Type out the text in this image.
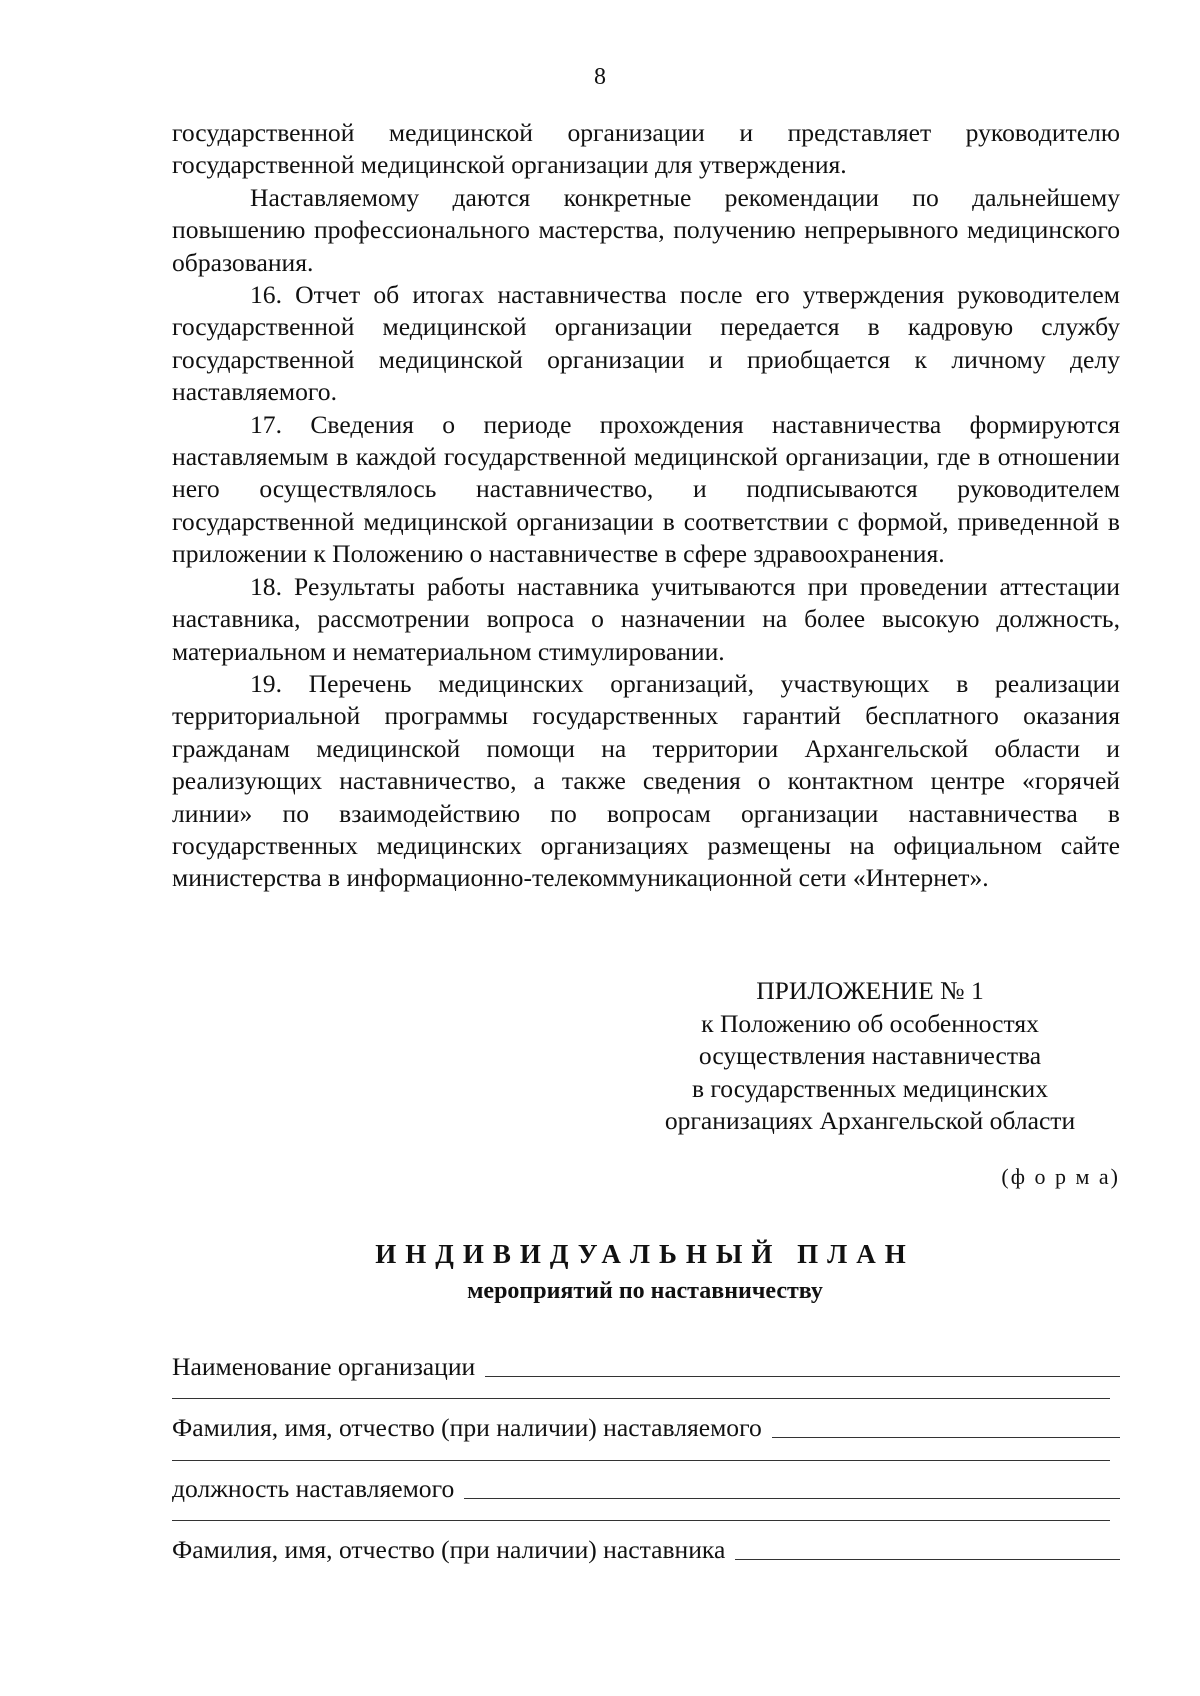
8

государственной медицинской организации и представляет руководителю государственной медицинской организации для утверждения.

Наставляемому даются конкретные рекомендации по дальнейшему повышению профессионального мастерства, получению непрерывного медицинского образования.

16. Отчет об итогах наставничества после его утверждения руководителем государственной медицинской организации передается в кадровую службу государственной медицинской организации и приобщается к личному делу наставляемого.

17. Сведения о периоде прохождения наставничества формируются наставляемым в каждой государственной медицинской организации, где в отношении него осуществлялось наставничество, и подписываются руководителем государственной медицинской организации в соответствии с формой, приведенной в приложении к Положению о наставничестве в сфере здравоохранения.

18. Результаты работы наставника учитываются при проведении аттестации наставника, рассмотрении вопроса о назначении на более высокую должность, материальном и нематериальном стимулировании.

19. Перечень медицинских организаций, участвующих в реализации территориальной программы государственных гарантий бесплатного оказания гражданам медицинской помощи на территории Архангельской области и реализующих наставничество, а также сведения о контактном центре «горячей линии» по взаимодействию по вопросам организации наставничества в государственных медицинских организациях размещены на официальном сайте министерства в информационно-телекоммуникационной сети «Интернет».

ПРИЛОЖЕНИЕ № 1
к Положению об особенностях
осуществления наставничества
в государственных медицинских
организациях Архангельской области
(ф о р м а)
ИНДИВИДУАЛЬНЫЙ ПЛАН
мероприятий по наставничеству
Наименование организации
Фамилия, имя, отчество (при наличии) наставляемого
должность наставляемого
Фамилия, имя, отчество (при наличии) наставника
